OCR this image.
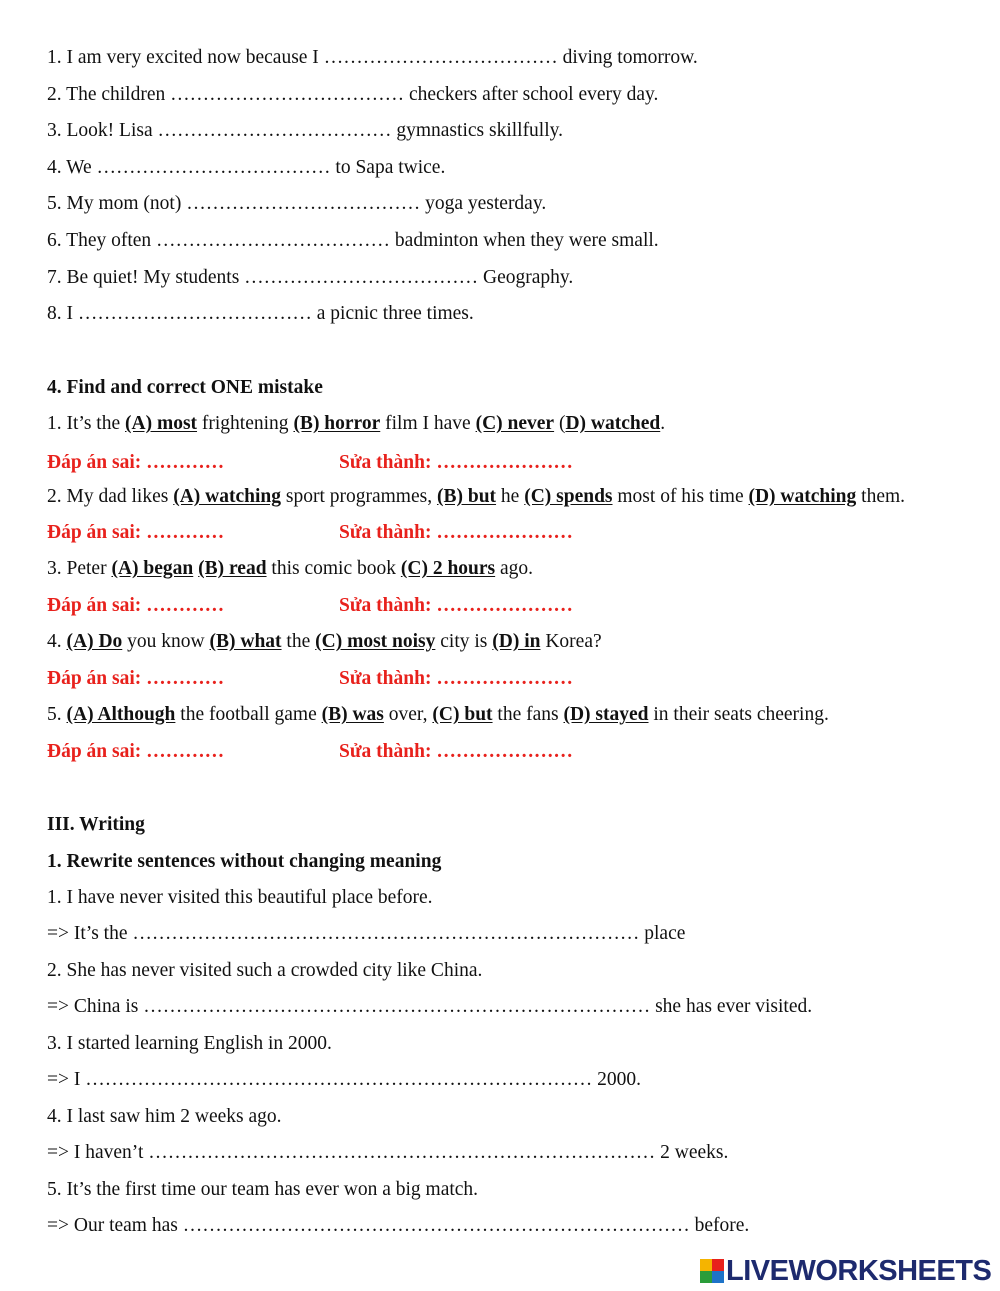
1. I am very excited now because I ……………………………… diving tomorrow.
2. The children ……………………………… checkers after school every day.
3. Look! Lisa ……………………………… gymnastics skillfully.
4. We ……………………………… to Sapa twice.
5. My mom (not) ……………………………… yoga yesterday.
6. They often ……………………………… badminton when they were small.
7. Be quiet! My students ……………………………… Geography.
8. I ……………………………… a picnic three times.
4. Find and correct ONE mistake
1. It’s the (A) most frightening (B) horror film I have (C) never (D) watched.
Đáp án sai: …………	Sửa thành: …………………
2. My dad likes (A) watching sport programmes, (B) but he (C) spends most of his time (D) watching them.
Đáp án sai: …………	Sửa thành: …………………
3. Peter (A) began (B) read this comic book (C) 2 hours ago.
Đáp án sai: …………	Sửa thành: …………………
4. (A) Do you know (B) what the (C) most noisy city is (D) in Korea?
Đáp án sai: …………	Sửa thành: …………………
5. (A) Although the football game (B) was over, (C) but the fans (D) stayed in their seats cheering.
Đáp án sai: …………	Sửa thành: …………………
III. Writing
1. Rewrite sentences without changing meaning
1. I have never visited this beautiful place before.
=> It’s the …………………………………………………………………… place
2. She has never visited such a crowded city like China.
=> China is …………………………………………………………………… she has ever visited.
3. I started learning English in 2000.
=> I …………………………………………………………………… 2000.
4. I last saw him 2 weeks ago.
=> I haven’t …………………………………………………………………… 2 weeks.
5. It’s the first time our team has ever won a big match.
=> Our team has …………………………………………………………………… before.
LIVEWORKSHEETS
